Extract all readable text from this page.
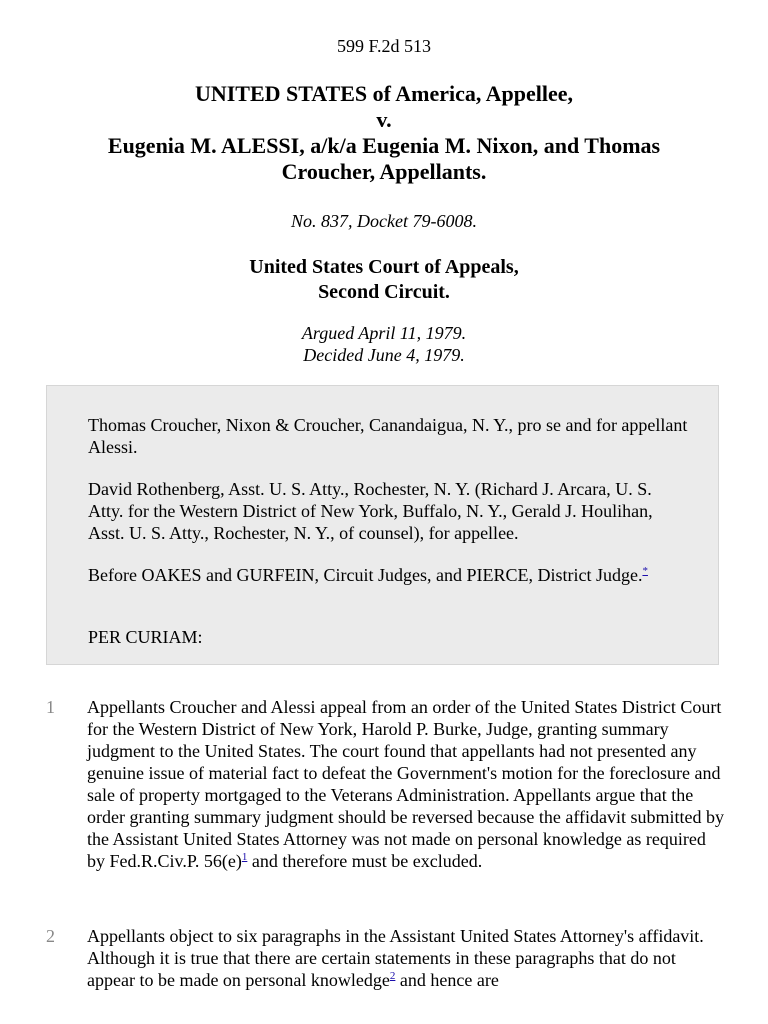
599 F.2d 513
UNITED STATES of America, Appellee,
v.
Eugenia M. ALESSI, a/k/a Eugenia M. Nixon, and Thomas
Croucher, Appellants.
No. 837, Docket 79-6008.
United States Court of Appeals,
Second Circuit.
Argued April 11, 1979.
Decided June 4, 1979.

Thomas Croucher, Nixon & Croucher, Canandaigua, N. Y., pro se and for appellant Alessi.

David Rothenberg, Asst. U. S. Atty., Rochester, N. Y. (Richard J. Arcara, U. S. Atty. for the Western District of New York, Buffalo, N. Y., Gerald J. Houlihan, Asst. U. S. Atty., Rochester, N. Y., of counsel), for appellee.

Before OAKES and GURFEIN, Circuit Judges, and PIERCE, District Judge.*

PER CURIAM:

1 Appellants Croucher and Alessi appeal from an order of the United States District Court for the Western District of New York, Harold P. Burke, Judge, granting summary judgment to the United States. The court found that appellants had not presented any genuine issue of material fact to defeat the Government's motion for the foreclosure and sale of property mortgaged to the Veterans Administration. Appellants argue that the order granting summary judgment should be reversed because the affidavit submitted by the Assistant United States Attorney was not made on personal knowledge as required by Fed.R.Civ.P. 56(e)$^1$ and therefore must be excluded.

2 Appellants object to six paragraphs in the Assistant United States Attorney's affidavit. Although it is true that there are certain statements in these paragraphs that do not appear to be made on personal knowledge$^2$ and hence are
